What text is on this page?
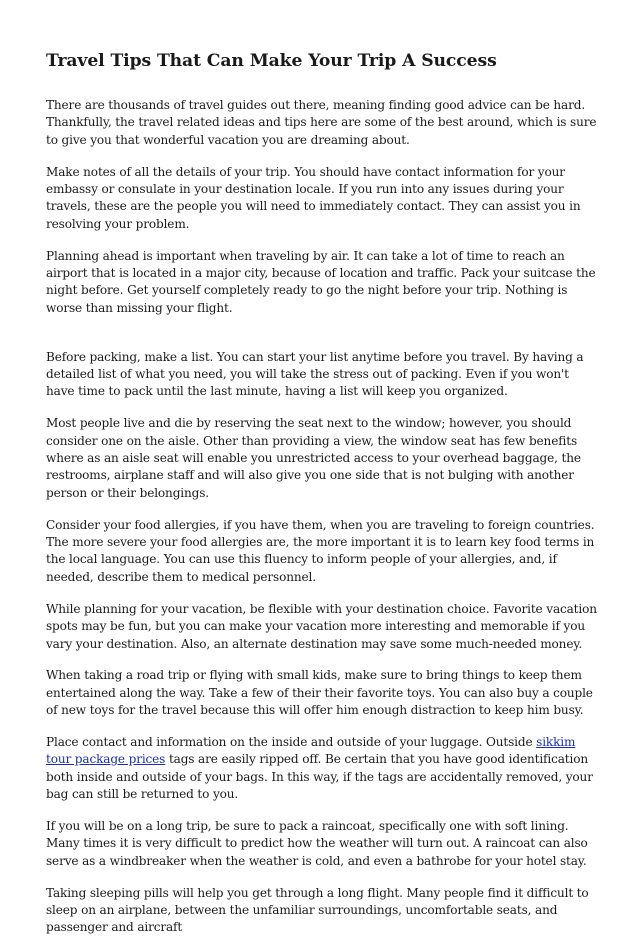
Travel Tips That Can Make Your Trip A Success

There are thousands of travel guides out there, meaning finding good advice can be hard. Thankfully, the travel related ideas and tips here are some of the best around, which is sure to give you that wonderful vacation you are dreaming about.

Make notes of all the details of your trip. You should have contact information for your embassy or consulate in your destination locale. If you run into any issues during your travels, these are the people you will need to immediately contact. They can assist you in resolving your problem.

Planning ahead is important when traveling by air. It can take a lot of time to reach an airport that is located in a major city, because of location and traffic. Pack your suitcase the night before. Get yourself completely ready to go the night before your trip. Nothing is worse than missing your flight.

Before packing, make a list. You can start your list anytime before you travel. By having a detailed list of what you need, you will take the stress out of packing. Even if you won't have time to pack until the last minute, having a list will keep you organized.

Most people live and die by reserving the seat next to the window; however, you should consider one on the aisle. Other than providing a view, the window seat has few benefits where as an aisle seat will enable you unrestricted access to your overhead baggage, the restrooms, airplane staff and will also give you one side that is not bulging with another person or their belongings.

Consider your food allergies, if you have them, when you are traveling to foreign countries. The more severe your food allergies are, the more important it is to learn key food terms in the local language. You can use this fluency to inform people of your allergies, and, if needed, describe them to medical personnel.

While planning for your vacation, be flexible with your destination choice. Favorite vacation spots may be fun, but you can make your vacation more interesting and memorable if you vary your destination. Also, an alternate destination may save some much-needed money.

When taking a road trip or flying with small kids, make sure to bring things to keep them entertained along the way. Take a few of their their favorite toys. You can also buy a couple of new toys for the travel because this will offer him enough distraction to keep him busy.

Place contact and information on the inside and outside of your luggage. Outside sikkim tour package prices tags are easily ripped off. Be certain that you have good identification both inside and outside of your bags. In this way, if the tags are accidentally removed, your bag can still be returned to you.

If you will be on a long trip, be sure to pack a raincoat, specifically one with soft lining. Many times it is very difficult to predict how the weather will turn out. A raincoat can also serve as a windbreaker when the weather is cold, and even a bathrobe for your hotel stay.

Taking sleeping pills will help you get through a long flight. Many people find it difficult to sleep on an airplane, between the unfamiliar surroundings, uncomfortable seats, and passenger and aircraft
